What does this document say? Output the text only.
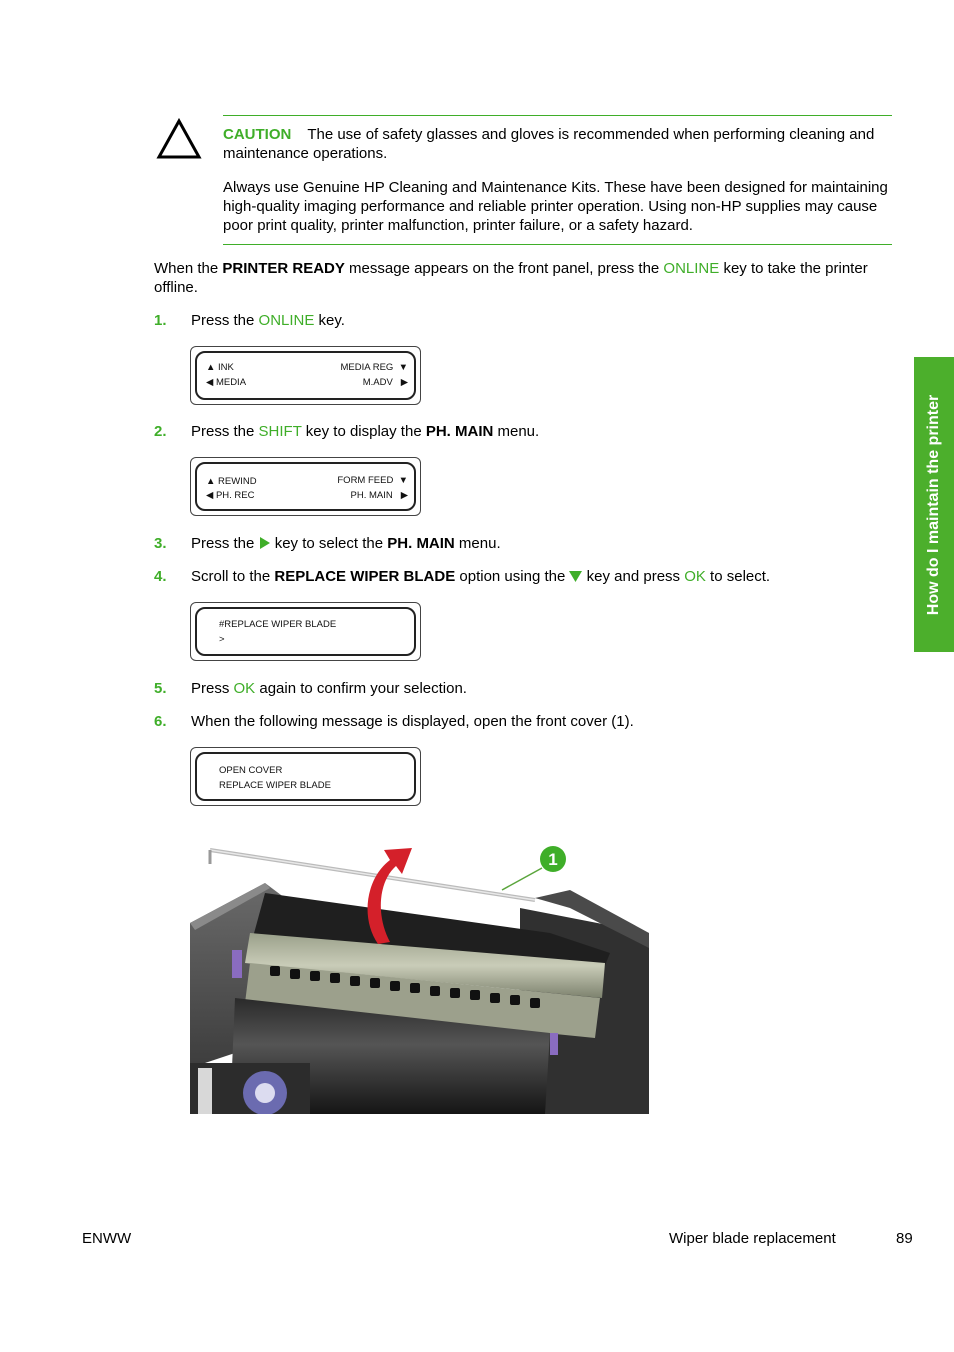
CAUTION The use of safety glasses and gloves is recommended when performing cleaning and maintenance operations.
Always use Genuine HP Cleaning and Maintenance Kits. These have been designed for maintaining high-quality imaging performance and reliable printer operation. Using non-HP supplies may cause poor print quality, printer malfunction, printer failure, or a safety hazard.
When the PRINTER READY message appears on the front panel, press the ONLINE key to take the printer offline.
1. Press the ONLINE key.
▲ INK
◀ MEDIA
MEDIA REG  ▼
M.ADV   ▶
2. Press the SHIFT key to display the PH. MAIN menu.
▲ REWIND
◀ PH. REC
FORM FEED  ▼
PH. MAIN   ▶
3. Press the  key to select the PH. MAIN menu.
4. Scroll to the REPLACE WIPER BLADE option using the  key and press OK to select.
#REPLACE WIPER BLADE
>
5. Press OK again to confirm your selection.
6. When the following message is displayed, open the front cover (1).
OPEN COVER
REPLACE WIPER BLADE
1
How do I maintain the printer
ENWW	Wiper blade replacement	89
